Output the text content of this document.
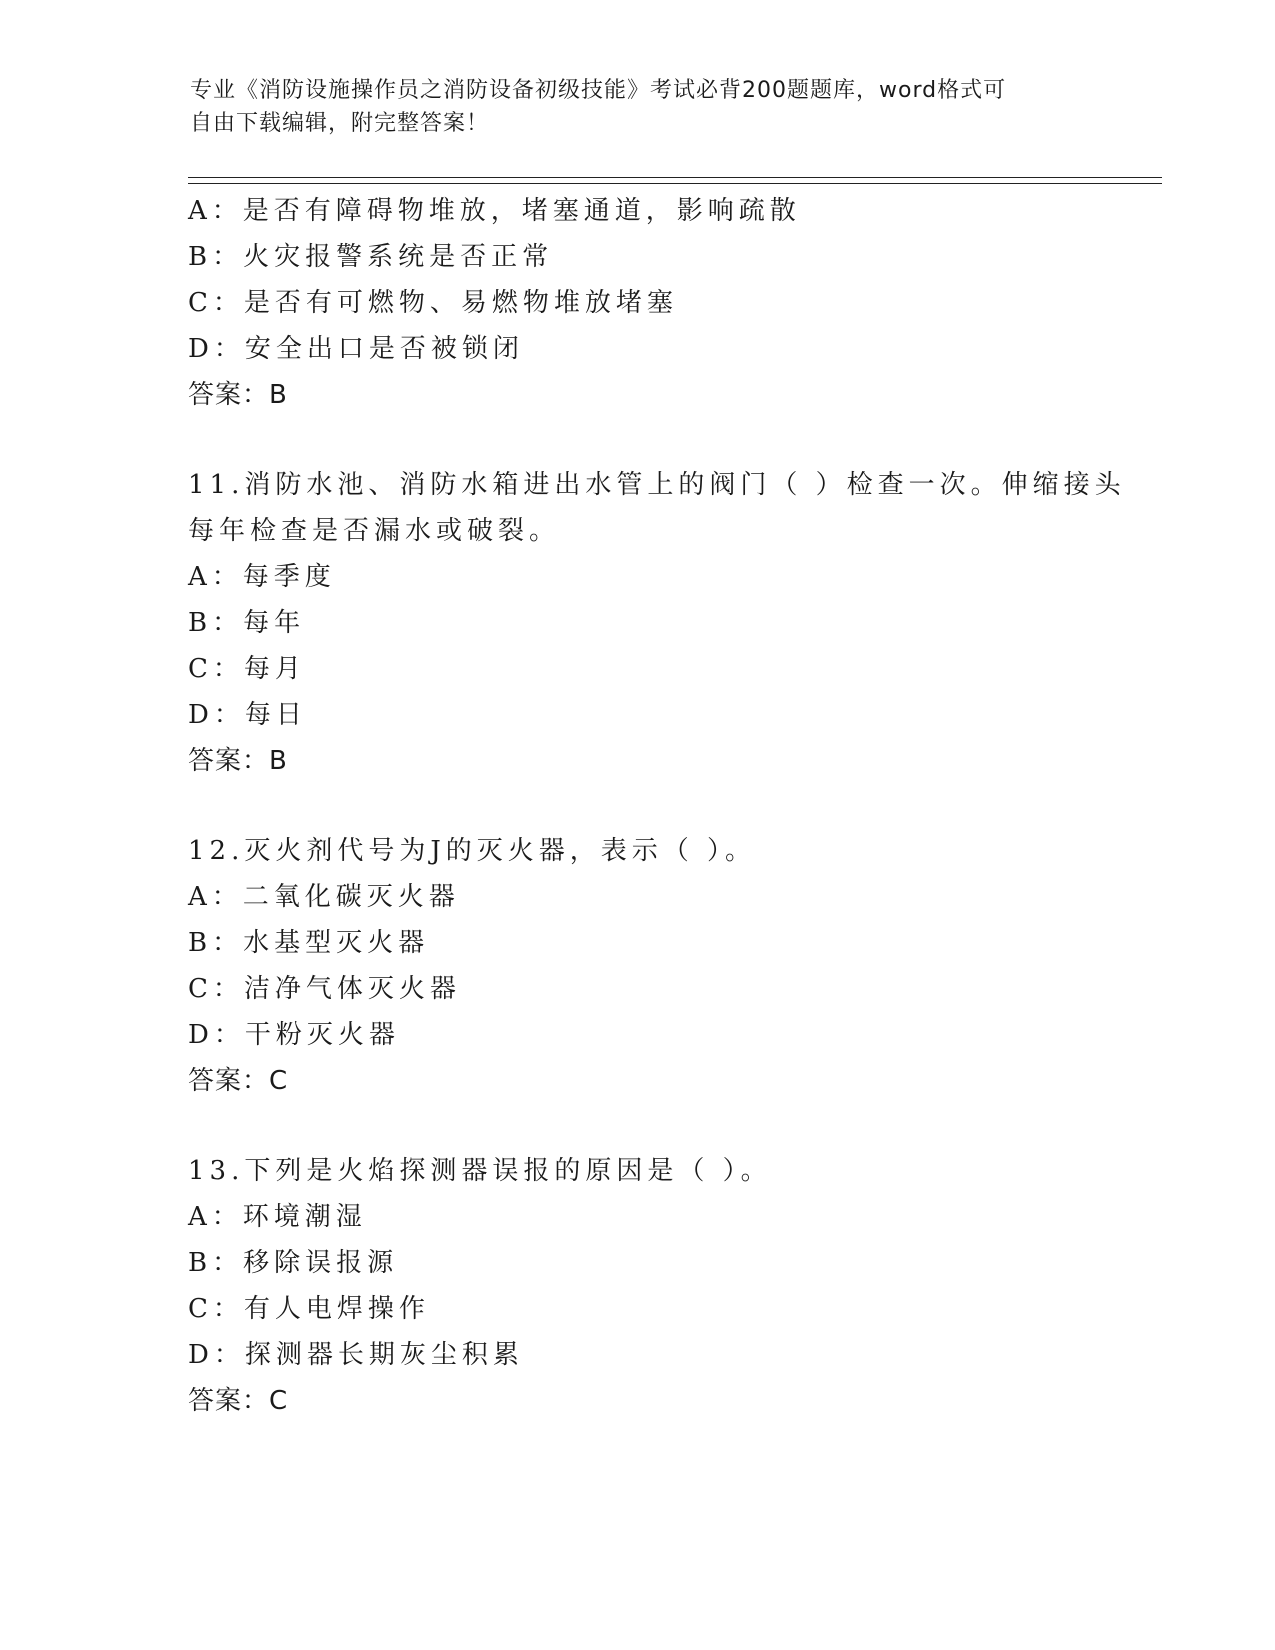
专业《消防设施操作员之消防设备初级技能》考试必背200题题库，word格式可
自由下载编辑，附完整答案！
A：是否有障碍物堆放，堵塞通道，影响疏散
B：火灾报警系统是否正常
C：是否有可燃物、易燃物堆放堵塞
D：安全出口是否被锁闭
答案：B
11.消防水池、消防水箱进出水管上的阀门（ ）检查一次。伸缩接头
每年检查是否漏水或破裂。
A：每季度
B：每年
C：每月
D：每日
答案：B
12.灭火剂代号为J的灭火器，表示（ ）。
A：二氧化碳灭火器
B：水基型灭火器
C：洁净气体灭火器
D：干粉灭火器
答案：C
13.下列是火焰探测器误报的原因是（ ）。
A：环境潮湿
B：移除误报源
C：有人电焊操作
D：探测器长期灰尘积累
答案：C
